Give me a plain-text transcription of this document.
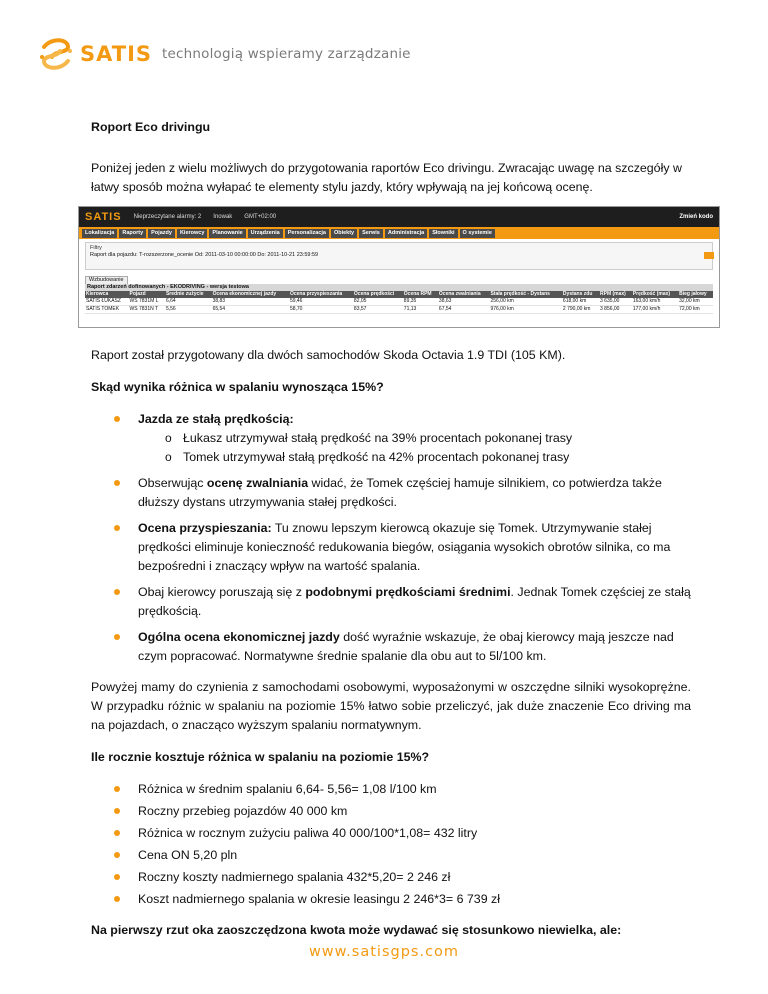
SATIS technologią wspieramy zarządzanie

Roport Eco drivingu

Poniżej jeden z wielu możliwych do przygotowania raportów Eco drivingu. Zwracając uwagę na szczegóły w łatwy sposób można wyłapać te elementy stylu jazdy, który wpływają na jej końcową ocenę.

SATIS Nieprzeczytane alarmy: 2 Inowak GMT+02:00	Zmień kodo
Lokalizacja	Raporty	Pojazdy	Kierowcy	Planowanie	Urządzenia	Personalizacja	Obiekty	Serwis	Administracja	Słowniki	O systemie
Filtry
Raport dla pojazdu: T-rozszerzone_ocenie Od: 2011-03-10 00:00:00 Do: 2011-10-21 23:59:59
Wzbudowanie
Raport zdarzeń dofinowanych - EKODRIVING - wersja testowa
Kierowca	Pojazd	Średnie zużycie	Ocena ekonomicznej jazdy	Ocena przyspieszania	Ocena prędkości	Ocena RPM	Ocena zwalniania	Stała prędkość - Dystans	Dystans zdu	RPM (max)	Prędkość (max)	Bieg jałowy
SATIS ŁUKASZ	WS 7831M L	6,64	38,83	59,46	82,05	89,35	38,63	256,00 km	618,00 km	3 635,00	163,00 km/h	32,00 km
SATIS TOMEK	WS 7831N T	5,56	65,54	58,70	83,57	71,13	67,54	976,00 km	2 790,00 km	3 856,00	177,00 km/h	72,00 km

Raport został przygotowany dla dwóch samochodów Skoda Octavia 1.9 TDI (105 KM).

Skąd wynika różnica w spalaniu wynosząca 15%?

Jazda ze stałą prędkością:
o Łukasz utrzymywał stałą prędkość na 39% procentach pokonanej trasy
o Tomek utrzymywał stałą prędkość na 42% procentach pokonanej trasy
Obserwując ocenę zwalniania widać, że Tomek częściej hamuje silnikiem, co potwierdza także dłuższy dystans utrzymywania stałej prędkości.
Ocena przyspieszania: Tu znowu lepszym kierowcą okazuje się Tomek. Utrzymywanie stałej prędkości eliminuje konieczność redukowania biegów, osiągania wysokich obrotów silnika, co ma bezpośredni i znaczący wpływ na wartość spalania.
Obaj kierowcy poruszają się z podobnymi prędkościami średnimi. Jednak Tomek częściej ze stałą prędkością.
Ogólna ocena ekonomicznej jazdy dość wyraźnie wskazuje, że obaj kierowcy mają jeszcze nad czym popracować. Normatywne średnie spalanie dla obu aut to 5l/100 km.

Powyżej mamy do czynienia z samochodami osobowymi, wyposażonymi w oszczędne silniki wysokoprężne. W przypadku różnic w spalaniu na poziomie 15% łatwo sobie przeliczyć, jak duże znaczenie Eco driving ma na pojazdach, o znacząco wyższym spalaniu normatywnym.

Ile rocznie kosztuje różnica w spalaniu na poziomie 15%?

Różnica w średnim spalaniu 6,64- 5,56= 1,08 l/100 km
Roczny przebieg pojazdów 40 000 km
Różnica w rocznym zużyciu paliwa 40 000/100*1,08= 432 litry
Cena ON 5,20 pln
Roczny koszty nadmiernego spalania 432*5,20= 2 246 zł
Koszt nadmiernego spalania w okresie leasingu 2 246*3= 6 739 zł

Na pierwszy rzut oka zaoszczędzona kwota może wydawać się stosunkowo niewielka, ale:

www.satisgps.com
